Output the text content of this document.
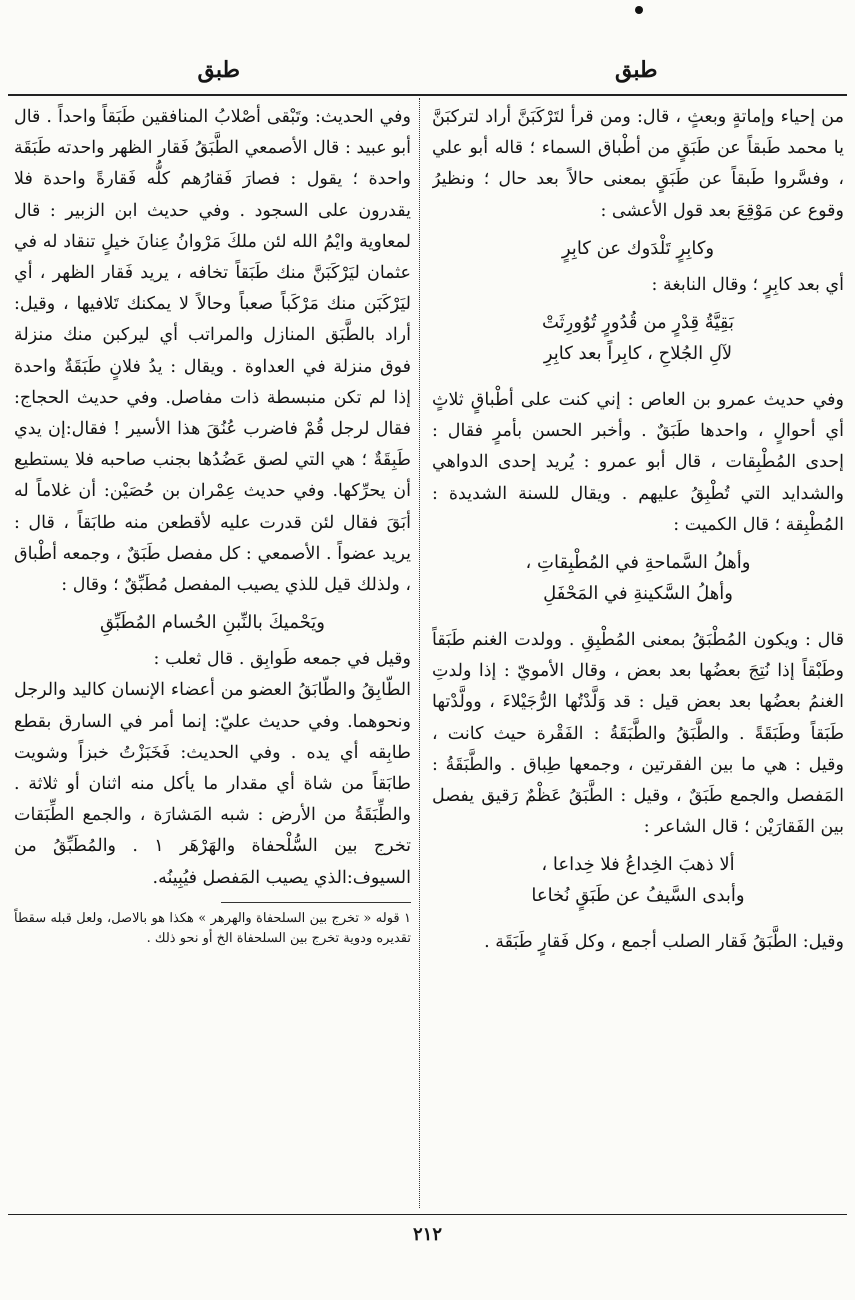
طبق
طبق

من إحياء وإماتةٍ وبعثٍ ، قال: ومن قرأ لتَرْكَبَنَّ أراد لتركبَنَّ يا محمد طَبقاً عن طَبَقٍ من أطْباق السماء ؛ قاله أبو علي ، وفسَّروا طَبقاً عن طَبَقٍ بمعنى حالاً بعد حال ؛ ونظيرُ وقوع عن مَوْقِعَ بعد قول الأعشى :

وكابِرٍ تَلْدَوك عن كابِرٍ

أي بعد كابِرٍ ؛ وقال النابغة :

بَقِيَّةُ قِدْرٍ من قُدُورٍ تُوُورِثَتْ
لآلِ الجُلاحِ ، كابِراً بعد كابِرِ

وفي حديث عمرو بن العاص : إني كنت على أطْباقٍ ثلاثٍ أي أحوالٍ ، واحدها طَبَقٌ . وأخبر الحسن بأمرٍ فقال : إحدى المُطْبِقات ، قال أبو عمرو : يُريد إحدى الدواهي والشدايد التي تُطْبِقُ عليهم . ويقال للسنة الشديدة : المُطْبِقة ؛ قال الكميت :

وأهلُ السَّماحةِ في المُطْبِقاتِ ،
وأهلُ السَّكينةِ في المَحْفَلِ

قال : ويكون المُطْبَقُ بمعنى المُطْبِقِ . وولدت الغنم طَبَقاً وطَبْقاً إذا نُتِجَ بعضُها بعد بعض ، وقال الأمويّ : إذا ولدتِ الغنمُ بعضُها بعد بعض قيل : قد وَلَّدْتُها الرُّجَيْلاءَ ، وولَّدْتها طَبَقاً وطَبَقَةً . والطَّبَقُ والطَّبَقَةُ : الفَقْرة حيث كانت ، وقيل : هي ما بين الفقرتين ، وجمعها طِباق . والطَّبَقَةُ : المَفصل والجمع طَبَقٌ ، وقيل : الطَّبَقُ عَظْمٌ رَقيق يفصل بين الفَقارَيْن ؛ قال الشاعر :

ألا ذهبَ الخِداعُ فلا خِداعا ،
وأبدى السَّيفُ عن طَبَقٍ نُخاعا

وقيل: الطَّبَقُ فَقار الصلب أجمع ، وكل فَقارٍ طَبَقَة .

وفي الحديث: وتَبْقى أصْلابُ المنافقين طَبَقاً واحداً . قال أبو عبيد : قال الأصمعي الطَّبَقُ فَقار الظهر واحدته طَبَقَة واحدة ؛ يقول : فصارَ فَقارُهم كلُّه فَقارةً واحدة فلا يقدرون على السجود . وفي حديث ابن الزبير : قال لمعاوية وايْمُ الله لئن ملكَ مَرْوانُ عِنانَ خيلٍ تنقاد له في عثمان ليَرْكَبَنَّ منك طَبَقاً تخافه ، يريد فَقار الظهر ، أي ليَرْكَبَن منك مَرْكَباً صعباً وحالاً لا يمكنك تَلافيها ، وقيل: أراد بالطَّبَق المنازل والمراتب أي ليركبن منك منزلة فوق منزلة في العداوة . ويقال : يدُ فلانٍ طَبَقَةٌ واحدة إذا لم تكن منبسطة ذات مفاصل. وفي حديث الحجاج: فقال لرجل قُمْ فاضرب عُنُقَ هذا الأسير ! فقال:إن يدي طَبِقَةٌ ؛ هي التي لصق عَضُدُها بجنب صاحبه فلا يستطيع أن يحرِّكها. وفي حديث عِمْران بن حُصَيْن: أن غلاماً له أبَقَ فقال لئن قدرت عليه لأقطعن منه طابَقاً ، قال : يريد عضواً . الأصمعي : كل مفصل طَبَقٌ ، وجمعه أطْباق ، ولذلك قيل للذي يصيب المفصل مُطَبِّقٌ ؛ وقال :

ويَحْميكَ بالنِّبنِ الحُسام المُطَبِّقِ

وقيل في جمعه طَوابِق . قال ثعلب :

الطّابِقُ والطّابَقُ العضو من أعضاء الإنسان كاليد والرجل ونحوهما. وفي حديث عليّ: إنما أمر في السارق بقطع طابِقه أي يده . وفي الحديث: فَخَبَزْتُ خبزاً وشويت طابَقاً من شاة أي مقدار ما يأكل منه اثنان أو ثلاثة . والطِّبَقَةُ من الأرض : شبه المَشارَة ، والجمع الطِّبَقات تخرج بين السُّلْحفاة والهَرْهَر ١ . والمُطَبِّقُ من السيوف:الذي يصيب المَفصل فيُبِينُه.

١ قوله « تخرج بين السلحفاة والهرهر » هكذا هو بالاصل، ولعل قبله سقطاً تقديره ودوية تخرج بين السلحفاة الخ أو نحو ذلك .

٢١٢
